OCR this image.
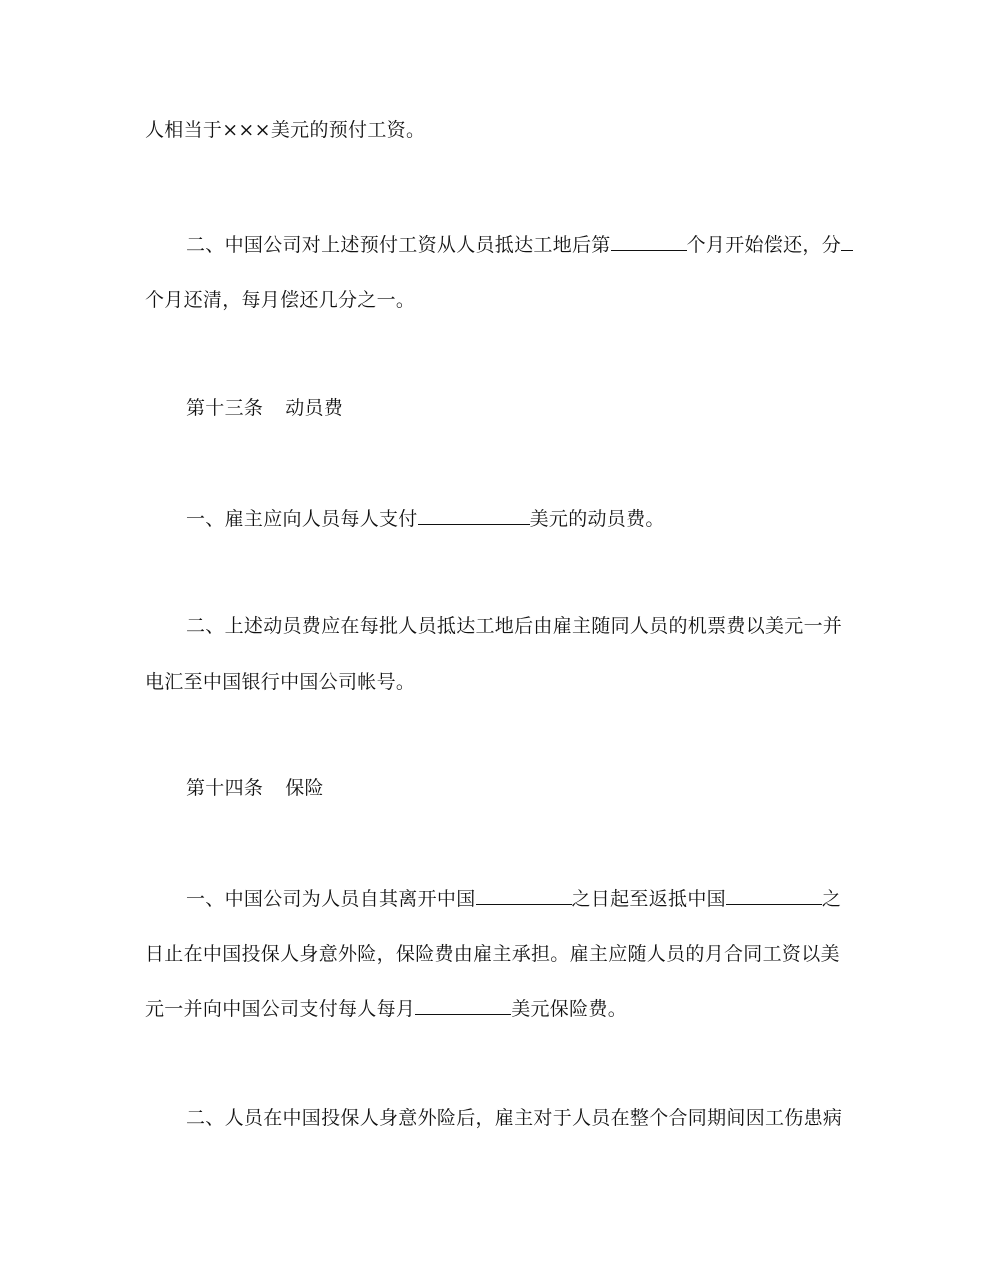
人相当于×××美元的预付工资。
二、中国公司对上述预付工资从人员抵达工地后第	个月开始偿还，分
个月还清，每月偿还几分之一。
第十三条 动员费
一、雇主应向人员每人支付	美元的动员费。
二、上述动员费应在每批人员抵达工地后由雇主随同人员的机票费以美元一并
电汇至中国银行中国公司帐号。
第十四条 保险
一、中国公司为人员自其离开中国	之日起至返抵中国	之
日止在中国投保人身意外险，保险费由雇主承担。雇主应随人员的月合同工资以美
元一并向中国公司支付每人每月	美元保险费。
二、人员在中国投保人身意外险后，雇主对于人员在整个合同期间因工伤患病
